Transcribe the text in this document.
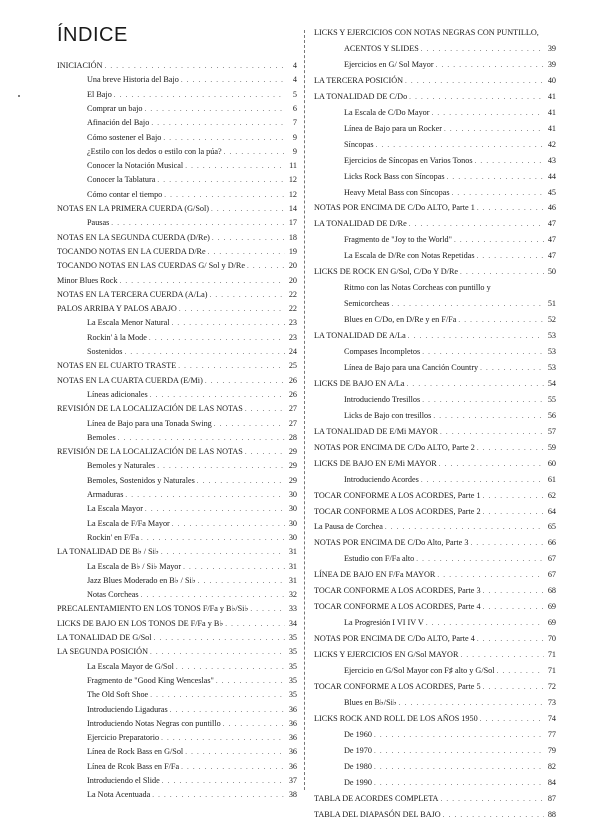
ÍNDICE
INICIACIÓN . . .	4
Una breve Historia del Bajo . . .	4
El Bajo . . .	5
Comprar un bajo . . .	6
Afinación del Bajo . . .	7
Cómo sostener el Bajo . . .	9
¿Estilo con los dedos o estilo con la púa? . . .	9
Conocer la Notación Musical . . .	11
Conocer la Tablatura . . .	12
Cómo contar el tiempo . . .	12
NOTAS EN LA PRIMERA CUERDA (G/Sol) . . .	14
Pausas . . .	17
NOTAS EN LA SEGUNDA CUERDA (D/Re) . . .	18
TOCANDO NOTAS EN LA CUERDA D/Re . . .	19
TOCANDO NOTAS EN LAS CUERDAS G/ Sol y D/Re . . .	20
Minor Blues Rock . . .	20
NOTAS EN LA TERCERA CUERDA (A/La) . . .	22
PALOS ARRIBA Y PALOS ABAJO . . .	22
La Escala Menor Natural . . .	23
Rockin' à la Mode . . .	23
Sostenidos . . .	24
NOTAS EN EL CUARTO TRASTE . . .	25
NOTAS EN LA CUARTA CUERDA (E/Mi) . . .	26
Líneas adicionales . . .	26
REVISIÓN DE LA LOCALIZACIÓN DE LAS NOTAS . . .	27
Línea de Bajo para una Tonada Swing . . .	27
Bemoles . . .	28
REVISIÓN DE LA LOCALIZACIÓN DE LAS NOTAS . . .	29
Bemoles y Naturales . . .	29
Bemoles, Sostenidos y Naturales . . .	29
Armaduras . . .	30
La Escala Mayor . . .	30
La Escala de F/Fa Mayor . . .	30
Rockin' en F/Fa . . .	30
LA TONALIDAD DE B♭ / Si♭ . . .	31
La Escala de B♭ / Si♭ Mayor . . .	31
Jazz Blues Moderado en B♭ / Si♭ . . .	31
Notas Corcheas . . .	32
PRECALENTAMIENTO EN LOS TONOS F/Fa y B♭/Si♭ . . .	33
LICKS DE BAJO EN LOS TONOS DE F/Fa y B♭ . . .	34
LA TONALIDAD DE G/Sol . . .	35
LA SEGUNDA POSICIÓN . . .	35
La Escala Mayor de G/Sol . . .	35
Fragmento de "Good King Wenceslas" . . .	35
The Old Soft Shoe . . .	35
Introduciendo Ligaduras . . .	36
Introduciendo Notas Negras con puntillo . . .	36
Ejercicio Preparatorio . . .	36
Línea de Rock Bass en G/Sol . . .	36
Línea de Rcok Bass en F/Fa . . .	36
Introduciendo el Slide . . .	37
La Nota Acentuada . . .	38
LICKS Y EJERCICIOS CON NOTAS NEGRAS CON PUNTILLO,
ACENTOS Y SLIDES . . .	39
Ejercicios en G/ Sol Mayor . . .	39
LA TERCERA POSICIÓN . . .	40
LA TONALIDAD DE C/Do . . .	41
La Escala de C/Do Mayor . . .	41
Línea de Bajo para un Rocker . . .	41
Síncopas . . .	42
Ejercicios de Síncopas en Varios Tonos . . .	43
Licks Rock Bass con Síncopas . . .	44
Heavy Metal Bass con Síncopas . . .	45
NOTAS POR ENCIMA DE C/Do ALTO, Parte 1 . . .	46
LA TONALIDAD DE D/Re . . .	47
Fragmento de "Joy to the World" . . .	47
La Escala de D/Re con Notas Repetidas . . .	47
LICKS DE ROCK EN G/Sol, C/Do Y D/Re . . .	50
Ritmo con las Notas Corcheas con puntillo y
Semicorcheas . . .	51
Blues en C/Do, en D/Re y en F/Fa . . .	52
LA TONALIDAD DE A/La . . .	53
Compases Incompletos . . .	53
Línea de Bajo para una Canción Country . . .	53
LICKS DE BAJO EN A/La . . .	54
Introduciendo Tresillos . . .	55
Licks de Bajo con tresillos . . .	56
LA TONALIDAD DE E/Mi MAYOR . . .	57
NOTAS POR ENCIMA DE C/Do ALTO, Parte 2 . . .	59
LICKS DE BAJO EN E/Mi MAYOR . . .	60
Introduciendo Acordes . . .	61
TOCAR CONFORME A LOS ACORDES, Parte 1 . . .	62
TOCAR CONFORME A LOS ACORDES, Parte 2 . . .	64
La Pausa de Corchea . . .	65
NOTAS POR ENCIMA DE C/Do Alto, Parte 3 . . .	66
Estudio con F/Fa alto . . .	67
LÍNEA DE BAJO EN F/Fa MAYOR . . .	67
TOCAR CONFORME A LOS ACORDES, Parte 3 . . .	68
TOCAR CONFORME A LOS ACORDES, Parte 4 . . .	69
La Progresión I VI IV V . . .	69
NOTAS POR ENCIMA DE C/Do ALTO, Parte 4 . . .	70
LICKS Y EJERCICIOS EN G/Sol MAYOR . . .	71
Ejercicio en G/Sol Mayor con F♯ alto y G/Sol . . .	71
TOCAR CONFORME A LOS ACORDES, Parte 5 . . .	72
Blues en B♭/Si♭ . . .	73
LICKS ROCK AND ROLL DE LOS AÑOS 1950 . . .	74
De 1960 . . .	77
De 1970 . . .	79
De 1980 . . .	82
De 1990 . . .	84
TABLA DE ACORDES COMPLETA . . .	87
TABLA DEL DIAPASÓN DEL BAJO . . .	88
